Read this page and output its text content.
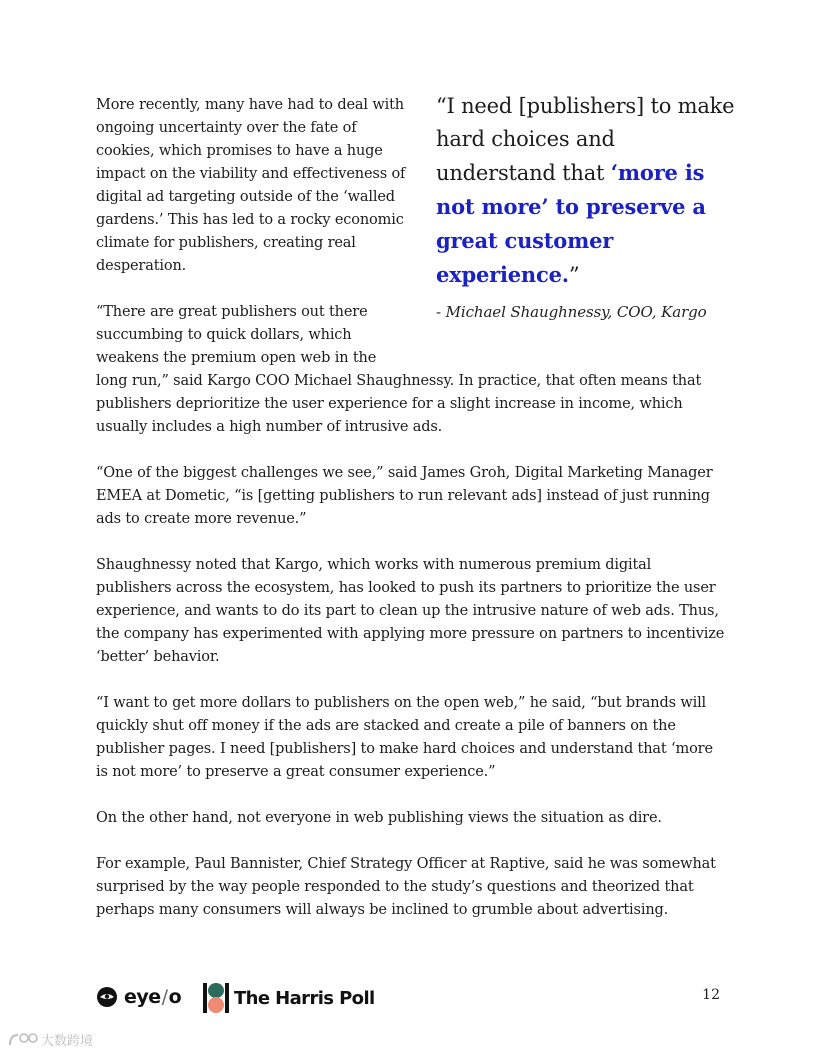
More recently, many have had to deal with ongoing uncertainty over the fate of cookies, which promises to have a huge impact on the viability and effectiveness of digital ad targeting outside of the ‘walled gardens.’ This has led to a rocky economic climate for publishers, creating real desperation.

“I need [publishers] to make hard choices and understand that ‘more is not more’ to preserve a great customer experience.”

- Michael Shaughnessy, COO, Kargo

“There are great publishers out there succumbing to quick dollars, which weakens the premium open web in the long run,” said Kargo COO Michael Shaughnessy. In practice, that often means that publishers deprioritize the user experience for a slight increase in income, which usually includes a high number of intrusive ads.

“One of the biggest challenges we see,” said James Groh, Digital Marketing Manager EMEA at Dometic, “is [getting publishers to run relevant ads] instead of just running ads to create more revenue.”

Shaughnessy noted that Kargo, which works with numerous premium digital publishers across the ecosystem, has looked to push its partners to prioritize the user experience, and wants to do its part to clean up the intrusive nature of web ads. Thus, the company has experimented with applying more pressure on partners to incentivize ‘better’ behavior.

“I want to get more dollars to publishers on the open web,” he said, “but brands will quickly shut off money if the ads are stacked and create a pile of banners on the publisher pages. I need [publishers] to make hard choices and understand that ‘more is not more’ to preserve a great consumer experience.”

On the other hand, not everyone in web publishing views the situation as dire.

For example, Paul Bannister, Chief Strategy Officer at Raptive, said he was somewhat surprised by the way people responded to the study’s questions and theorized that perhaps many consumers will always be inclined to grumble about advertising.

eye / o	The Harris Poll	12
大数跨境
